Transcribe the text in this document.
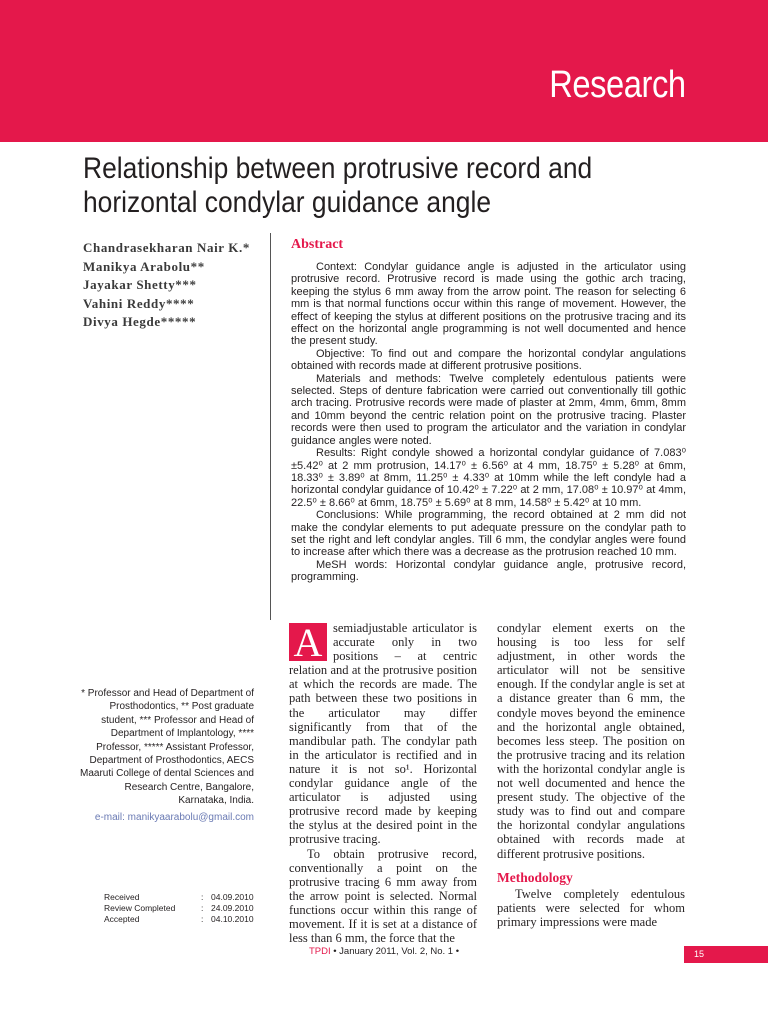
Research
Relationship between protrusive record and horizontal condylar guidance angle
Chandrasekharan Nair K.*
Manikya Arabolu**
Jayakar Shetty***
Vahini Reddy****
Divya Hegde*****
Abstract

Context: Condylar guidance angle is adjusted in the articulator using protrusive record. Protrusive record is made using the gothic arch tracing, keeping the stylus 6 mm away from the arrow point. The reason for selecting 6 mm is that normal functions occur within this range of movement. However, the effect of keeping the stylus at different positions on the protrusive tracing and its effect on the horizontal angle programming is not well documented and hence the present study.

Objective: To find out and compare the horizontal condylar angulations obtained with records made at different protrusive positions.

Materials and methods: Twelve completely edentulous patients were selected. Steps of denture fabrication were carried out conventionally till gothic arch tracing. Protrusive records were made of plaster at 2mm, 4mm, 6mm, 8mm and 10mm beyond the centric relation point on the protrusive tracing. Plaster records were then used to program the articulator and the variation in condylar guidance angles were noted.

Results: Right condyle showed a horizontal condylar guidance of 7.083⁰ ±5.42⁰ at 2 mm protrusion, 14.17⁰ ± 6.56⁰ at 4 mm, 18.75⁰ ± 5.28⁰ at 6mm, 18.33⁰ ± 3.89⁰ at 8mm, 11.25⁰ ± 4.33⁰ at 10mm while the left condyle had a horizontal condylar guidance of 10.42⁰ ± 7.22⁰ at 2 mm, 17.08⁰ ± 10.97⁰ at 4mm, 22.5⁰ ± 8.66⁰ at 6mm, 18.75⁰ ± 5.69⁰ at 8 mm, 14.58⁰ ± 5.42⁰ at 10 mm.

Conclusions: While programming, the record obtained at 2 mm did not make the condylar elements to put adequate pressure on the condylar path to set the right and left condylar angles. Till 6 mm, the condylar angles were found to increase after which there was a decrease as the protrusion reached 10 mm.

MeSH words: Horizontal condylar guidance angle, protrusive record, programming.

* Professor and Head of Department of Prosthodontics, ** Post graduate student, *** Professor and Head of Department of Implantology, **** Professor, ***** Assistant Professor, Department of Prosthodontics, AECS Maaruti College of dental Sciences and Research Centre, Bangalore, Karnataka, India.
e-mail: manikyaarabolu@gmail.com
Received	: 04.09.2010
Review Completed	: 24.09.2010
Accepted	: 04.10.2010
A semiadjustable articulator is accurate only in two positions – at centric relation and at the protrusive position at which the records are made. The path between these two positions in the articulator may differ significantly from that of the mandibular path. The condylar path in the articulator is rectified and in nature it is not so¹. Horizontal condylar guidance angle of the articulator is adjusted using protrusive record made by keeping the stylus at the desired point in the protrusive tracing.

To obtain protrusive record, conventionally a point on the protrusive tracing 6 mm away from the arrow point is selected. Normal functions occur within this range of movement. If it is set at a distance of less than 6 mm, the force that the

condylar element exerts on the housing is too less for self adjustment, in other words the articulator will not be sensitive enough. If the condylar angle is set at a distance greater than 6 mm, the condyle moves beyond the eminence and the horizontal angle obtained, becomes less steep. The position on the protrusive tracing and its relation with the horizontal condylar angle is not well documented and hence the present study. The objective of the study was to find out and compare the horizontal condylar angulations obtained with records made at different protrusive positions.

Methodology

Twelve completely edentulous patients were selected for whom primary impressions were made

TPDI • January 2011, Vol. 2, No. 1 •	15
